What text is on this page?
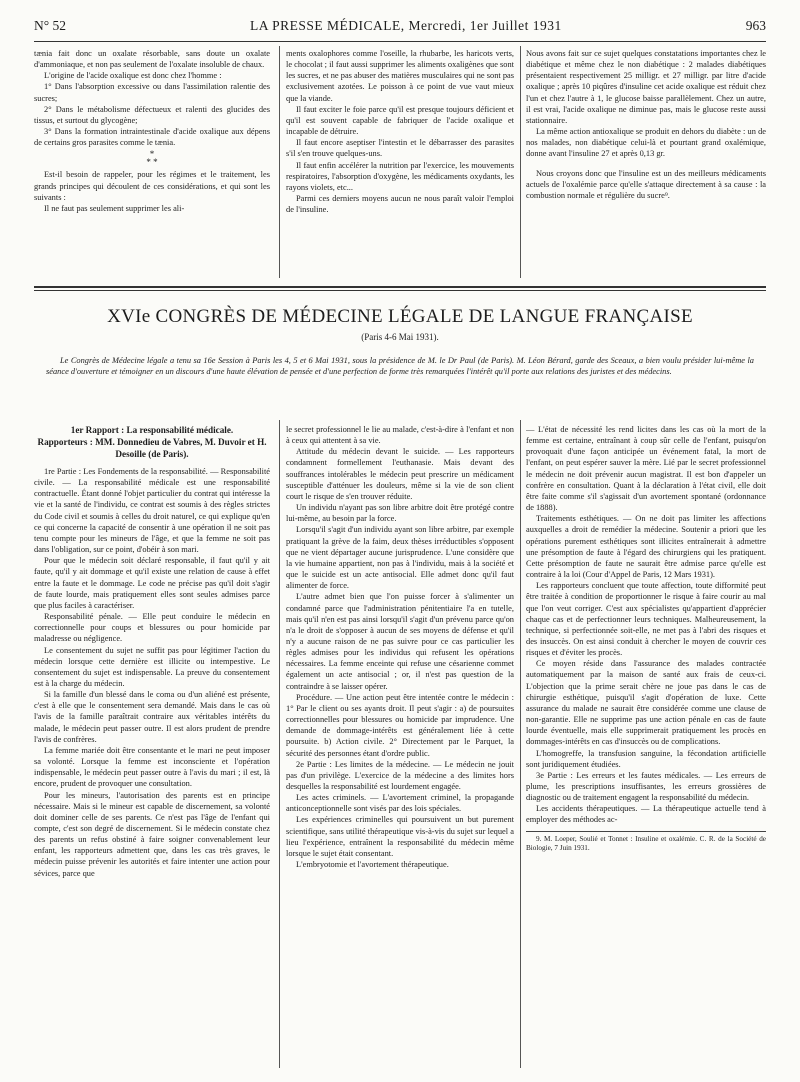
N° 52	LA PRESSE MÉDICALE, Mercredi, 1er Juillet 1931	963

tænia fait donc un oxalate résorbable, sans doute un oxalate d'ammoniaque, et non pas seulement de l'oxalate insoluble de chaux.

L'origine de l'acide oxalique est donc chez l'homme :

1° Dans l'absorption excessive ou dans l'assimilation ralentie des sucres;

2° Dans le métabolisme défectueux et ralenti des glucides des tissus, et surtout du glycogène;

3° Dans la formation intraintestinale d'acide oxalique aux dépens de certains gros parasites comme le tænia.

*
* *

Est-il besoin de rappeler, pour les régimes et le traitement, les grands principes qui découlent de ces considérations, et qui sont les suivants :

Il ne faut pas seulement supprimer les ali-

ments oxalophores comme l'oseille, la rhubarbe, les haricots verts, le chocolat ; il faut aussi supprimer les aliments oxaligènes que sont les sucres, et ne pas abuser des matières musculaires qui ne sont pas exclusivement azotées. Le poisson à ce point de vue vaut mieux que la viande.

Il faut exciter le foie parce qu'il est presque toujours déficient et qu'il est souvent capable de fabriquer de l'acide oxalique et incapable de détruire.

Il faut encore aseptiser l'intestin et le débarrasser des parasites s'il s'en trouve quelques-uns.

Il faut enfin accélérer la nutrition par l'exercice, les mouvements respiratoires, l'absorption d'oxygène, les médicaments oxydants, les rayons violets, etc...

Parmi ces derniers moyens aucun ne nous paraît valoir l'emploi de l'insuline.

Nous avons fait sur ce sujet quelques constatations importantes chez le diabétique et même chez le non diabétique : 2 malades diabétiques présentaient respectivement 25 milligr. et 27 milligr. par litre d'acide oxalique ; après 10 piqûres d'insuline cet acide oxalique est réduit chez l'un et chez l'autre à 1, le glucose baisse parallèlement. Chez un autre, il est vrai, l'acide oxalique ne diminue pas, mais le glucose reste aussi stationnaire.

La même action antioxalique se produit en dehors du diabète : un de nos malades, non diabétique celui-là et pourtant grand oxalémique, donne avant l'insuline 27 et après 0,13 gr.

Nous croyons donc que l'insuline est un des meilleurs médicaments actuels de l'oxalémie parce qu'elle s'attaque directement à sa cause : la combustion normale et régulière du sucre⁹.

XVIe CONGRÈS DE MÉDECINE LÉGALE DE LANGUE FRANÇAISE
(Paris 4-6 Mai 1931).

Le Congrès de Médecine légale a tenu sa 16e Session à Paris les 4, 5 et 6 Mai 1931, sous la présidence de M. le Dr Paul (de Paris). M. Léon Bérard, garde des Sceaux, a bien voulu présider lui-même la séance d'ouverture et témoigner en un discours d'une haute élévation de pensée et d'une perfection de forme très remarquées l'intérêt qu'il porte aux relations des juristes et des médecins.

1er Rapport : La responsabilité médicale.

Rapporteurs : MM. Donnedieu de Vabres, M. Duvoir et H. Desoille (de Paris).

1re Partie : Les Fondements de la responsabilité. — Responsabilité civile. — La responsabilité médicale est une responsabilité contractuelle. Étant donné l'objet particulier du contrat qui intéresse la vie et la santé de l'individu, ce contrat est soumis à des règles strictes du Code civil et soumis à celles du droit naturel, ce qui explique qu'en ce qui concerne la capacité de consentir à une opération il ne soit pas tenu compte pour les mineurs de l'âge, et que la femme ne soit pas dans l'obligation, sur ce point, d'obéir à son mari.

Pour que le médecin soit déclaré responsable, il faut qu'il y ait faute, qu'il y ait dommage et qu'il existe une relation de cause à effet entre la faute et le dommage. Le code ne précise pas qu'il doit s'agir de faute lourde, mais pratiquement elles sont seules admises parce que plus faciles à caractériser.

Responsabilité pénale. — Elle peut conduire le médecin en correctionnelle pour coups et blessures ou pour homicide par maladresse ou négligence.

Le consentement du sujet ne suffit pas pour légitimer l'action du médecin lorsque cette dernière est illicite ou intempestive. Le consentement du sujet est indispensable. La preuve du consentement est à la charge du médecin.

Si la famille d'un blessé dans le coma ou d'un aliéné est présente, c'est à elle que le consentement sera demandé. Mais dans le cas où l'avis de la famille paraîtrait contraire aux véritables intérêts du malade, le médecin peut passer outre. Il est alors prudent de prendre l'avis de confrères.

La femme mariée doit être consentante et le mari ne peut imposer sa volonté. Lorsque la femme est inconsciente et l'opération indispensable, le médecin peut passer outre à l'avis du mari ; il est, là encore, prudent de provoquer une consultation.

Pour les mineurs, l'autorisation des parents est en principe nécessaire. Mais si le mineur est capable de discernement, sa volonté doit dominer celle de ses parents. Ce n'est pas l'âge de l'enfant qui compte, c'est son degré de discernement. Si le médecin constate chez des parents un refus obstiné à faire soigner convenablement leur enfant, les rapporteurs admettent que, dans les cas très graves, le médecin puisse prévenir les autorités et faire intenter une action pour sévices, parce que

le secret professionnel le lie au malade, c'est-à-dire à l'enfant et non à ceux qui attentent à sa vie.

Attitude du médecin devant le suicide. — Les rapporteurs condamnent formellement l'euthanasie. Mais devant des souffrances intolérables le médecin peut prescrire un médicament susceptible d'atténuer les douleurs, même si la vie de son client court le risque de s'en trouver réduite.

Un individu n'ayant pas son libre arbitre doit être protégé contre lui-même, au besoin par la force.

Lorsqu'il s'agit d'un individu ayant son libre arbitre, par exemple pratiquant la grève de la faim, deux thèses irréductibles s'opposent que ne vient départager aucune jurisprudence. L'une considère que la vie humaine appartient, non pas à l'individu, mais à la société et que le suicide est un acte antisocial. Elle admet donc qu'il faut alimenter de force.

L'autre admet bien que l'on puisse forcer à s'alimenter un condamné parce que l'administration pénitentiaire l'a en tutelle, mais qu'il n'en est pas ainsi lorsqu'il s'agit d'un prévenu parce qu'on n'a le droit de s'opposer à aucun de ses moyens de défense et qu'il n'y a aucune raison de ne pas suivre pour ce cas particulier les règles admises pour les individus qui refusent les opérations nécessaires. La femme enceinte qui refuse une césarienne commet également un acte antisocial ; or, il n'est pas question de la contraindre à se laisser opérer.

Procédure. — Une action peut être intentée contre le médecin : 1° Par le client ou ses ayants droit. Il peut s'agir : a) de poursuites correctionnelles pour blessures ou homicide par imprudence. Une demande de dommage-intérêts est généralement liée à cette poursuite. b) Action civile. 2° Directement par le Parquet, la sécurité des personnes étant d'ordre public.

2e Partie : Les limites de la médecine. — Le médecin ne jouit pas d'un privilège. L'exercice de la médecine a des limites hors desquelles la responsabilité est lourdement engagée.

Les actes criminels. — L'avortement criminel, la propagande anticonceptionnelle sont visés par des lois spéciales.

Les expériences criminelles qui poursuivent un but purement scientifique, sans utilité thérapeutique vis-à-vis du sujet sur lequel a lieu l'expérience, entraînent la responsabilité du médecin même lorsque le sujet était consentant.

L'embryotomie et l'avortement thérapeutique.

— L'état de nécessité les rend licites dans les cas où la mort de la femme est certaine, entraînant à coup sûr celle de l'enfant, puisqu'on provoquait d'une façon anticipée un événement fatal, la mort de l'enfant, on peut espérer sauver la mère. Lié par le secret professionnel le médecin ne doit prévenir aucun magistrat. Il est bon d'appeler un confrère en consultation. Quant à la déclaration à l'état civil, elle doit être faite comme s'il s'agissait d'un avortement spontané (ordonnance de 1888).

Traitements esthétiques. — On ne doit pas limiter les affections auxquelles a droit de remédier la médecine. Soutenir a priori que les opérations purement esthétiques sont illicites entraînerait à admettre une présomption de faute à l'égard des chirurgiens qui les pratiquent. Cette présomption de faute ne saurait être admise parce qu'elle est contraire à la loi (Cour d'Appel de Paris, 12 Mars 1931).

Les rapporteurs concluent que toute affection, toute difformité peut être traitée à condition de proportionner le risque à faire courir au mal que l'on veut corriger. C'est aux spécialistes qu'appartient d'apprécier chaque cas et de perfectionner leurs techniques. Malheureusement, la technique, si perfectionnée soit-elle, ne met pas à l'abri des risques et des insuccès. On est ainsi conduit à chercher le moyen de couvrir ces risques et d'éviter les procès.

Ce moyen réside dans l'assurance des malades contractée automatiquement par la maison de santé aux frais de ceux-ci. L'objection que la prime serait chère ne joue pas dans le cas de chirurgie esthétique, puisqu'il s'agit d'opération de luxe. Cette assurance du malade ne saurait être considérée comme une clause de non-garantie. Elle ne supprime pas une action pénale en cas de faute lourde éventuelle, mais elle supprimerait pratiquement les procès en dommages-intérêts en cas d'insuccès ou de complications.

L'homogreffe, la transfusion sanguine, la fécondation artificielle sont juridiquement étudiées.

3e Partie : Les erreurs et les fautes médicales. — Les erreurs de plume, les prescriptions insuffisantes, les erreurs grossières de diagnostic ou de traitement engagent la responsabilité du médecin.

Les accidents thérapeutiques. — La thérapeutique actuelle tend à employer des méthodes ac-

9. M. Loeper, Soulié et Tonnet : Insuline et oxalémie. C. R. de la Société de Biologie, 7 Juin 1931.
